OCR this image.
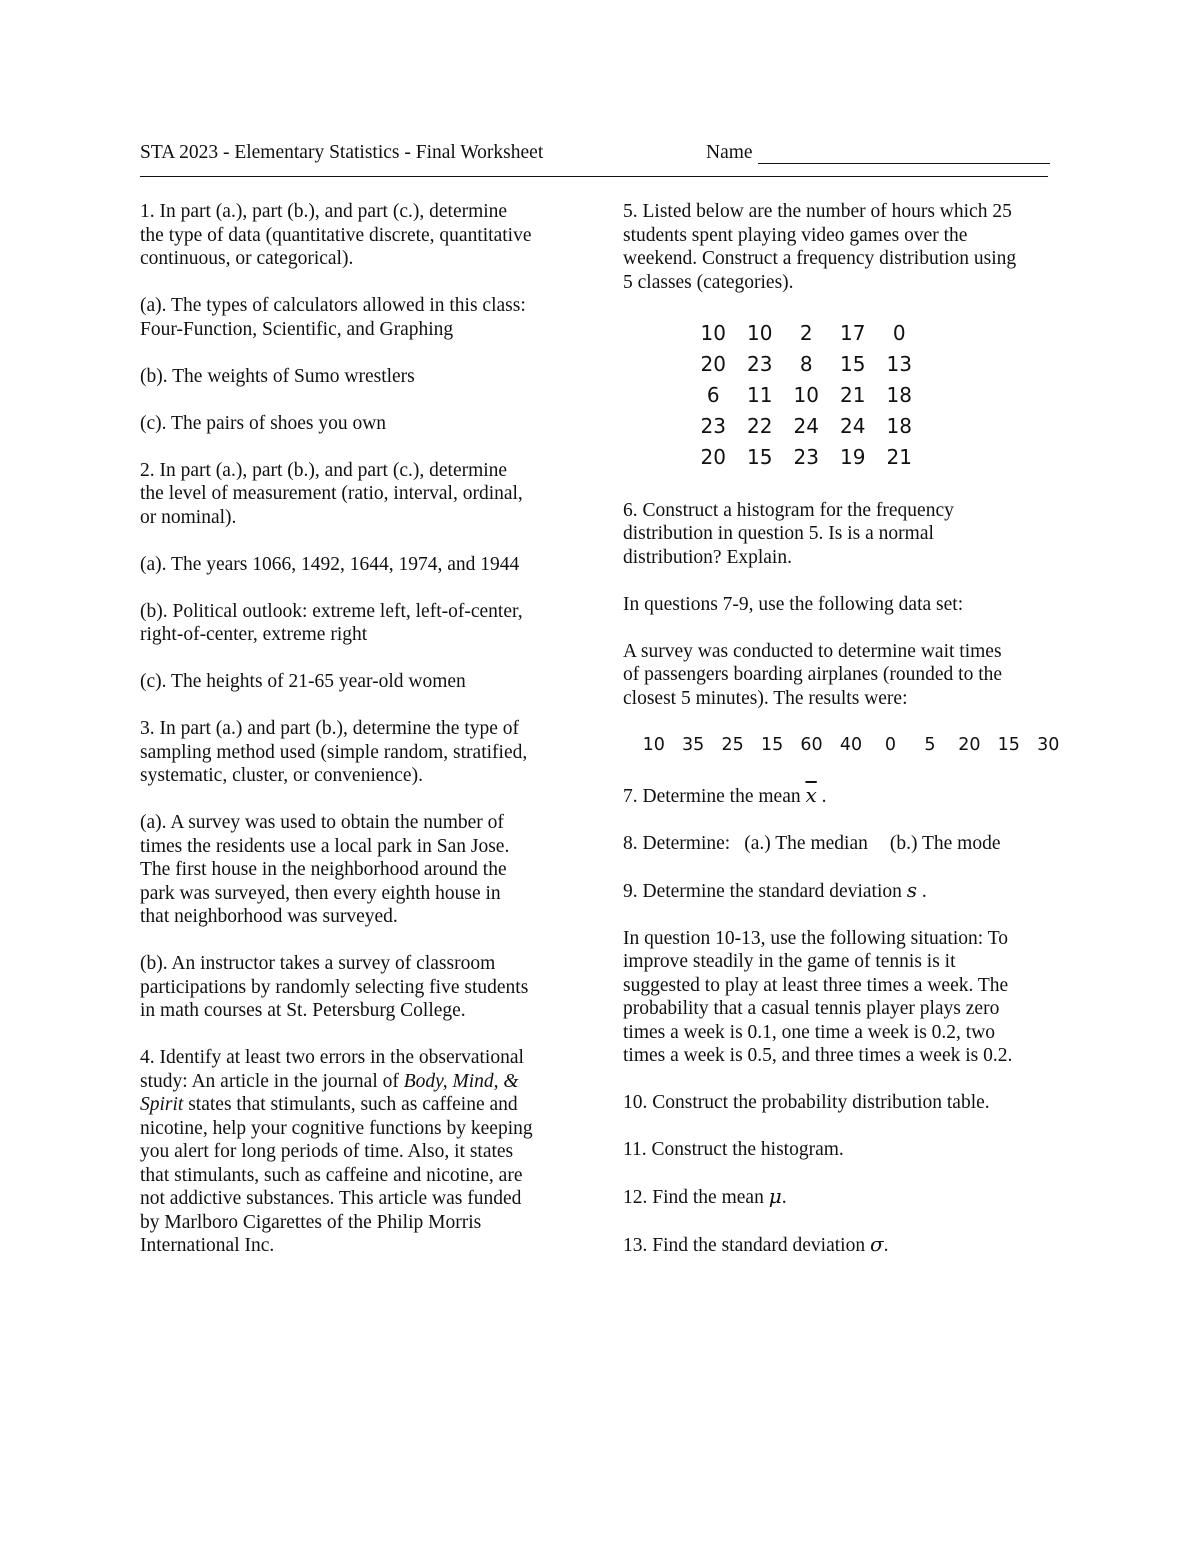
STA 2023 - Elementary Statistics - Final Worksheet	Name

1. In part (a.), part (b.), and part (c.), determine
the type of data (quantitative discrete, quantitative
continuous, or categorical).

(a). The types of calculators allowed in this class:
Four-Function, Scientific, and Graphing

(b). The weights of Sumo wrestlers

(c). The pairs of shoes you own

2. In part (a.), part (b.), and part (c.), determine
the level of measurement (ratio, interval, ordinal,
or nominal).

(a). The years 1066, 1492, 1644, 1974, and 1944

(b). Political outlook: extreme left, left-of-center,
right-of-center, extreme right

(c). The heights of 21-65 year-old women

3. In part (a.) and part (b.), determine the type of
sampling method used (simple random, stratified,
systematic, cluster, or convenience).

(a). A survey was used to obtain the number of
times the residents use a local park in San Jose.
The first house in the neighborhood around the
park was surveyed, then every eighth house in
that neighborhood was surveyed.

(b). An instructor takes a survey of classroom
participations by randomly selecting five students
in math courses at St. Petersburg College.

4. Identify at least two errors in the observational
study: An article in the journal of Body, Mind, &
Spirit states that stimulants, such as caffeine and
nicotine, help your cognitive functions by keeping
you alert for long periods of time. Also, it states
that stimulants, such as caffeine and nicotine, are
not addictive substances. This article was funded
by Marlboro Cigarettes of the Philip Morris
International Inc.

5. Listed below are the number of hours which 25
students spent playing video games over the
weekend. Construct a frequency distribution using
5 classes (categories).

10	10	2	17	0
20	23	8	15	13
6	11	10	21	18
23	22	24	24	18
20	15	23	19	21

6. Construct a histogram for the frequency
distribution in question 5. Is is a normal
distribution? Explain.

In questions 7-9, use the following data set:

A survey was conducted to determine wait times
of passengers boarding airplanes (rounded to the
closest 5 minutes). The results were:

10 35 25 15 60 40	0	5	20 15 30

7. Determine the mean $\overline{x}$ .

8. Determine: (a.) The median (b.) The mode

9. Determine the standard deviation s .

In question 10-13, use the following situation: To
improve steadily in the game of tennis is it
suggested to play at least three times a week. The
probability that a casual tennis player plays zero
times a week is 0.1, one time a week is 0.2, two
times a week is 0.5, and three times a week is 0.2.

10. Construct the probability distribution table.

11. Construct the histogram.

12. Find the mean μ.

13. Find the standard deviation σ.
